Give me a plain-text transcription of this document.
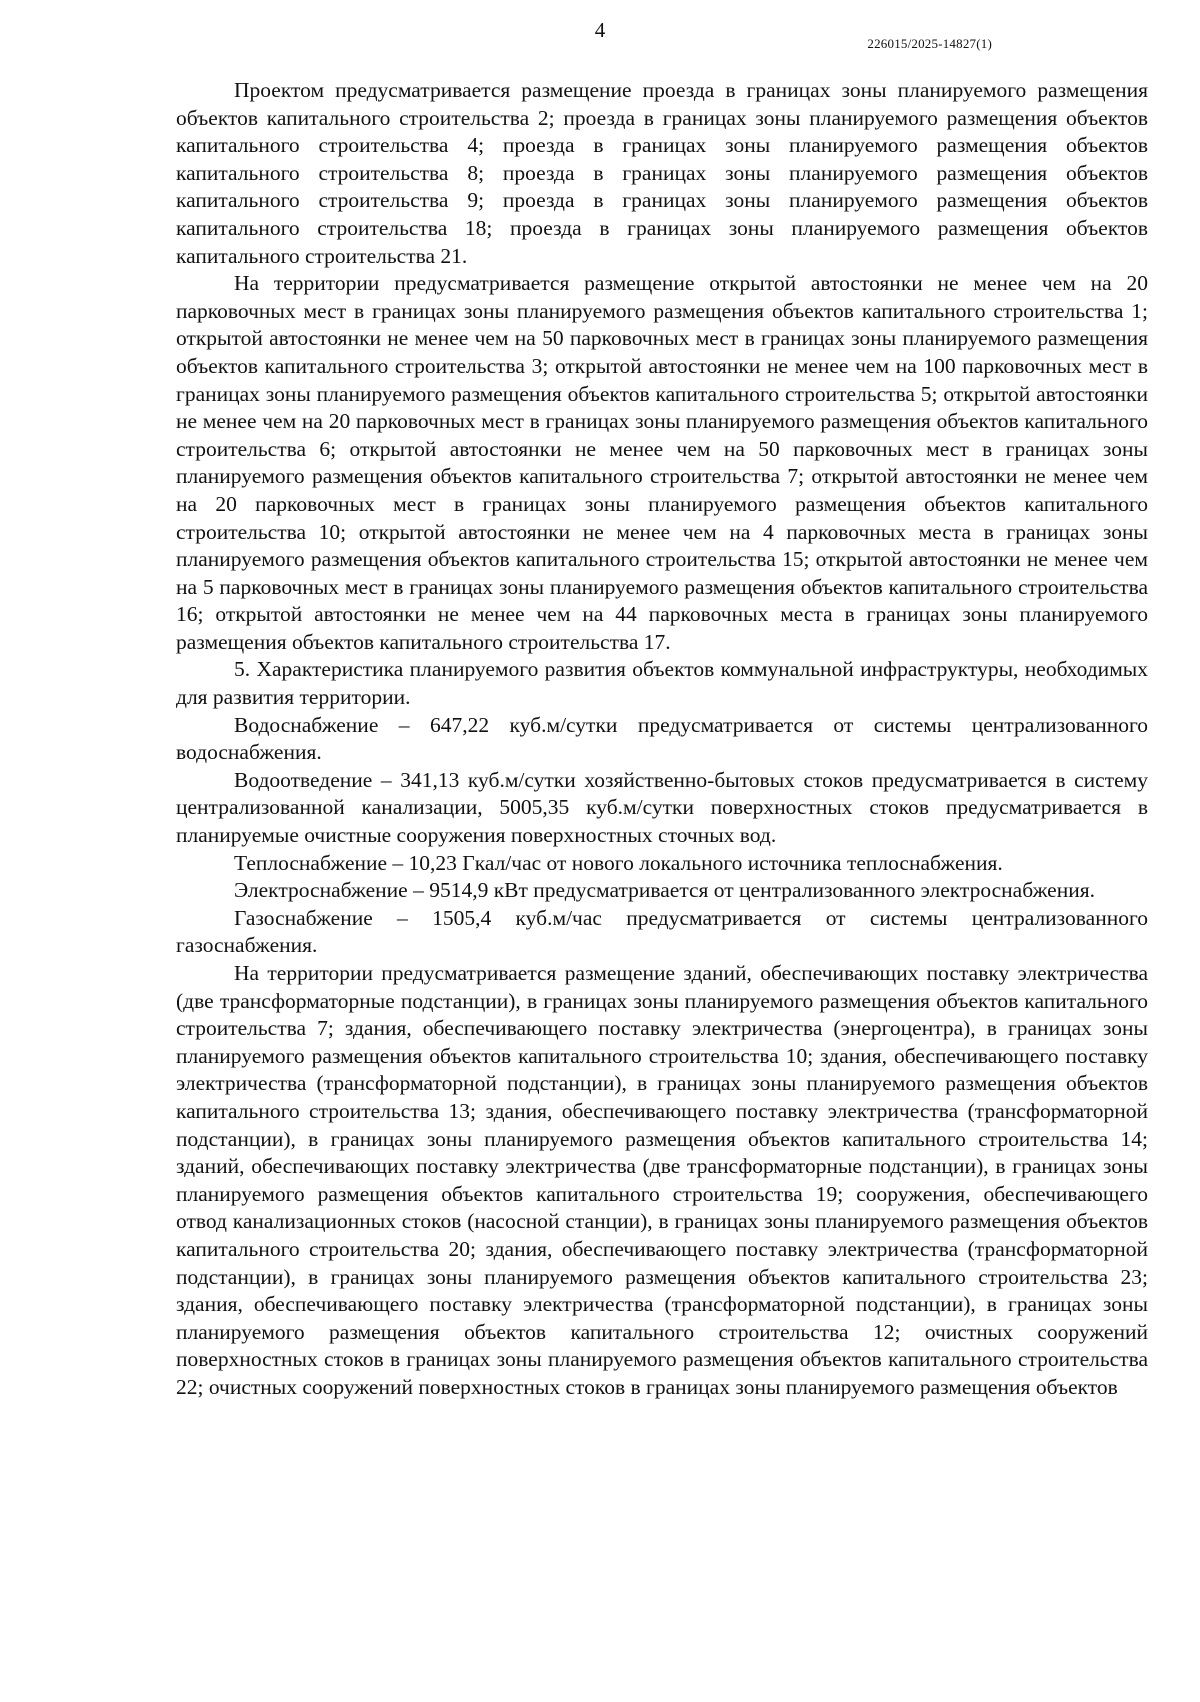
4
226015/2025-14827(1)

Проектом предусматривается размещение проезда в границах зоны планируемого размещения объектов капитального строительства 2; проезда в границах зоны планируемого размещения объектов капитального строительства 4; проезда в границах зоны планируемого размещения объектов капитального строительства 8; проезда в границах зоны планируемого размещения объектов капитального строительства 9; проезда в границах зоны планируемого размещения объектов капитального строительства 18; проезда в границах зоны планируемого размещения объектов капитального строительства 21.

На территории предусматривается размещение открытой автостоянки не менее чем на 20 парковочных мест в границах зоны планируемого размещения объектов капитального строительства 1; открытой автостоянки не менее чем на 50 парковочных мест в границах зоны планируемого размещения объектов капитального строительства 3; открытой автостоянки не менее чем на 100 парковочных мест в границах зоны планируемого размещения объектов капитального строительства 5; открытой автостоянки не менее чем на 20 парковочных мест в границах зоны планируемого размещения объектов капитального строительства 6; открытой автостоянки не менее чем на 50 парковочных мест в границах зоны планируемого размещения объектов капитального строительства 7; открытой автостоянки не менее чем на 20 парковочных мест в границах зоны планируемого размещения объектов капитального строительства 10; открытой автостоянки не менее чем на 4 парковочных места в границах зоны планируемого размещения объектов капитального строительства 15; открытой автостоянки не менее чем на 5 парковочных мест в границах зоны планируемого размещения объектов капитального строительства 16; открытой автостоянки не менее чем на 44 парковочных места в границах зоны планируемого размещения объектов капитального строительства 17.

5. Характеристика планируемого развития объектов коммунальной инфраструктуры, необходимых для развития территории.

Водоснабжение – 647,22 куб.м/сутки предусматривается от системы централизованного водоснабжения.

Водоотведение – 341,13 куб.м/сутки хозяйственно-бытовых стоков предусматривается в систему централизованной канализации, 5005,35 куб.м/сутки поверхностных стоков предусматривается в планируемые очистные сооружения поверхностных сточных вод.

Теплоснабжение – 10,23 Гкал/час от нового локального источника теплоснабжения.

Электроснабжение – 9514,9 кВт предусматривается от централизованного электроснабжения.

Газоснабжение – 1505,4 куб.м/час предусматривается от системы централизованного газоснабжения.

На территории предусматривается размещение зданий, обеспечивающих поставку электричества (две трансформаторные подстанции), в границах зоны планируемого размещения объектов капитального строительства 7; здания, обеспечивающего поставку электричества (энергоцентра), в границах зоны планируемого размещения объектов капитального строительства 10; здания, обеспечивающего поставку электричества (трансформаторной подстанции), в границах зоны планируемого размещения объектов капитального строительства 13; здания, обеспечивающего поставку электричества (трансформаторной подстанции), в границах зоны планируемого размещения объектов капитального строительства 14; зданий, обеспечивающих поставку электричества (две трансформаторные подстанции), в границах зоны планируемого размещения объектов капитального строительства 19; сооружения, обеспечивающего отвод канализационных стоков (насосной станции), в границах зоны планируемого размещения объектов капитального строительства 20; здания, обеспечивающего поставку электричества (трансформаторной подстанции), в границах зоны планируемого размещения объектов капитального строительства 23; здания, обеспечивающего поставку электричества (трансформаторной подстанции), в границах зоны планируемого размещения объектов капитального строительства 12; очистных сооружений поверхностных стоков в границах зоны планируемого размещения объектов капитального строительства 22; очистных сооружений поверхностных стоков в границах зоны планируемого размещения объектов
